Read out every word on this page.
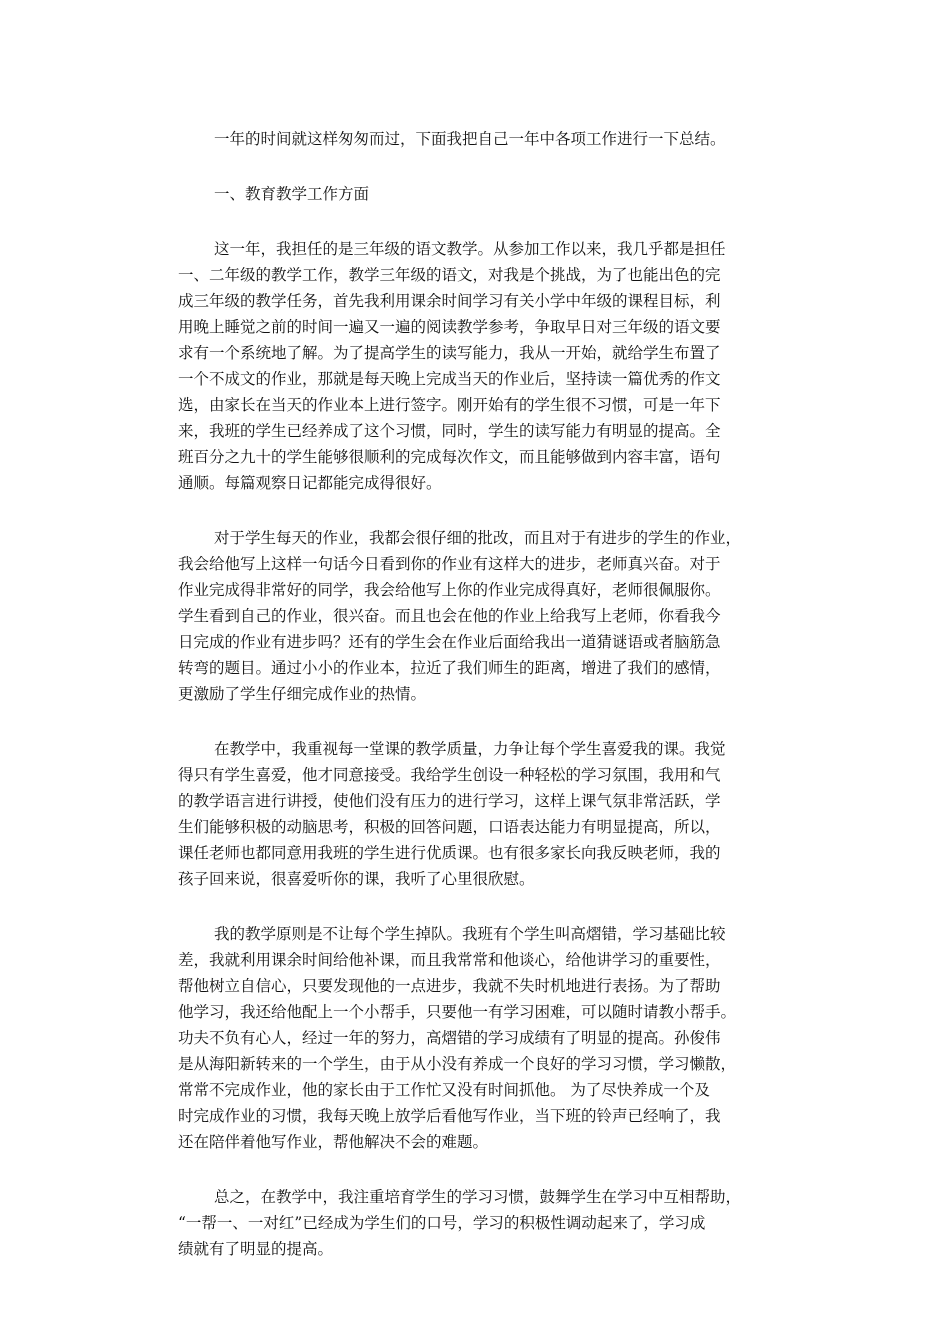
一年的时间就这样匆匆而过，下面我把自己一年中各项工作进行一下总结。
一、教育教学工作方面
这一年，我担任的是三年级的语文教学。从参加工作以来，我几乎都是担任
一、二年级的教学工作，教学三年级的语文，对我是个挑战，为了也能出色的完
成三年级的教学任务，首先我利用课余时间学习有关小学中年级的课程目标，利
用晚上睡觉之前的时间一遍又一遍的阅读教学参考，争取早日对三年级的语文要
求有一个系统地了解。为了提高学生的读写能力，我从一开始，就给学生布置了
一个不成文的作业，那就是每天晚上完成当天的作业后，坚持读一篇优秀的作文
选，由家长在当天的作业本上进行签字。刚开始有的学生很不习惯，可是一年下
来，我班的学生已经养成了这个习惯，同时，学生的读写能力有明显的提高。全
班百分之九十的学生能够很顺利的完成每次作文，而且能够做到内容丰富，语句
通顺。每篇观察日记都能完成得很好。
对于学生每天的作业，我都会很仔细的批改，而且对于有进步的学生的作业，
我会给他写上这样一句话今日看到你的作业有这样大的进步，老师真兴奋。对于
作业完成得非常好的同学，我会给他写上你的作业完成得真好，老师很佩服你。
学生看到自己的作业，很兴奋。而且也会在他的作业上给我写上老师，你看我今
日完成的作业有进步吗？还有的学生会在作业后面给我出一道猜谜语或者脑筋急
转弯的题目。通过小小的作业本，拉近了我们师生的距离，增进了我们的感情，
更激励了学生仔细完成作业的热情。
在教学中，我重视每一堂课的教学质量，力争让每个学生喜爱我的课。我觉
得只有学生喜爱，他才同意接受。我给学生创设一种轻松的学习氛围，我用和气
的教学语言进行讲授，使他们没有压力的进行学习，这样上课气氛非常活跃，学
生们能够积极的动脑思考，积极的回答问题，口语表达能力有明显提高，所以，
课任老师也都同意用我班的学生进行优质课。也有很多家长向我反映老师，我的
孩子回来说，很喜爱听你的课，我听了心里很欣慰。
我的教学原则是不让每个学生掉队。我班有个学生叫高熠错，学习基础比较
差，我就利用课余时间给他补课，而且我常常和他谈心，给他讲学习的重要性，
帮他树立自信心，只要发现他的一点进步，我就不失时机地进行表扬。为了帮助
他学习，我还给他配上一个小帮手，只要他一有学习困难，可以随时请教小帮手。
功夫不负有心人，经过一年的努力，高熠错的学习成绩有了明显的提高。孙俊伟
是从海阳新转来的一个学生，由于从小没有养成一个良好的学习习惯，学习懒散，
常常不完成作业，他的家长由于工作忙又没有时间抓他。 为了尽快养成一个及
时完成作业的习惯，我每天晚上放学后看他写作业，当下班的铃声已经响了，我
还在陪伴着他写作业，帮他解决不会的难题。
总之，在教学中，我注重培育学生的学习习惯，鼓舞学生在学习中互相帮助，
“一帮一、一对红”已经成为学生们的口号，学习的积极性调动起来了，学习成
绩就有了明显的提高。
